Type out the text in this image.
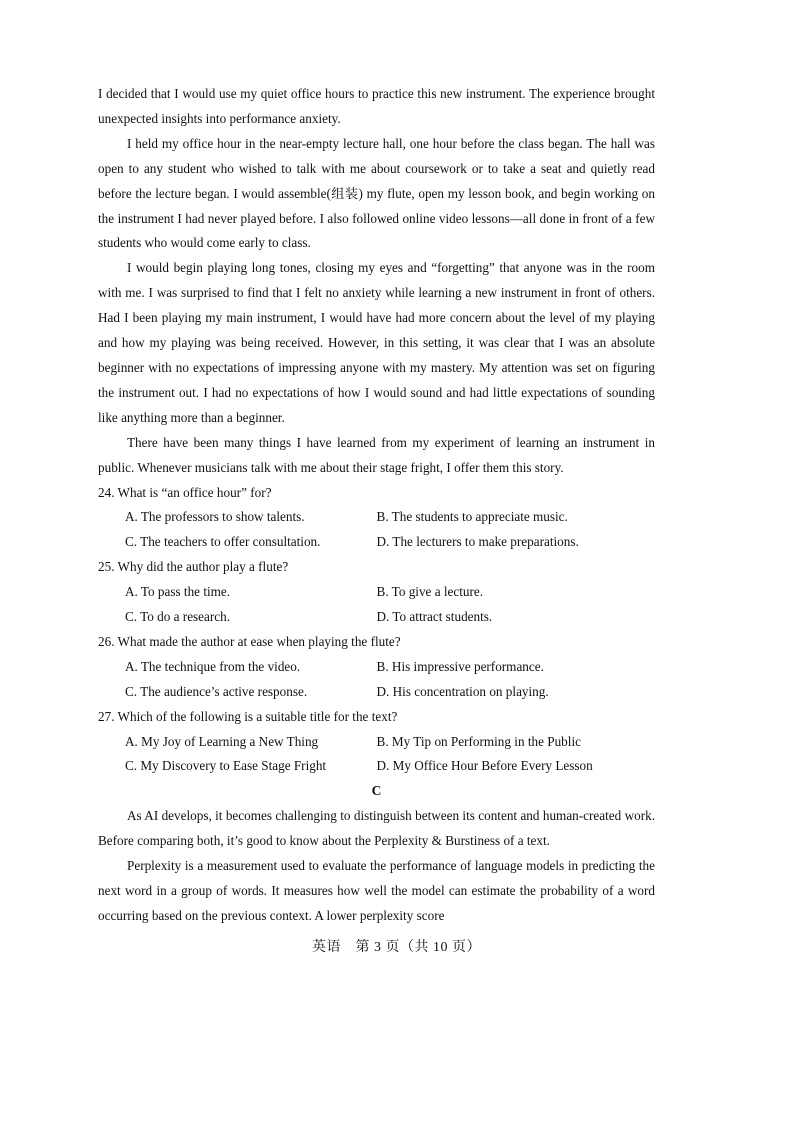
I decided that I would use my quiet office hours to practice this new instrument. The experience brought unexpected insights into performance anxiety.
I held my office hour in the near-empty lecture hall, one hour before the class began. The hall was open to any student who wished to talk with me about coursework or to take a seat and quietly read before the lecture began. I would assemble(组装) my flute, open my lesson book, and begin working on the instrument I had never played before. I also followed online video lessons—all done in front of a few students who would come early to class.
I would begin playing long tones, closing my eyes and “forgetting” that anyone was in the room with me. I was surprised to find that I felt no anxiety while learning a new instrument in front of others. Had I been playing my main instrument, I would have had more concern about the level of my playing and how my playing was being received. However, in this setting, it was clear that I was an absolute beginner with no expectations of impressing anyone with my mastery. My attention was set on figuring the instrument out. I had no expectations of how I would sound and had little expectations of sounding like anything more than a beginner.
There have been many things I have learned from my experiment of learning an instrument in public. Whenever musicians talk with me about their stage fright, I offer them this story.
24. What is “an office hour” for?
A. The professors to show talents.	B. The students to appreciate music.
C. The teachers to offer consultation.	D. The lecturers to make preparations.
25. Why did the author play a flute?
A. To pass the time.	B. To give a lecture.
C. To do a research.	D. To attract students.
26. What made the author at ease when playing the flute?
A. The technique from the video.	B. His impressive performance.
C. The audience’s active response.	D. His concentration on playing.
27. Which of the following is a suitable title for the text?
A. My Joy of Learning a New Thing	B. My Tip on Performing in the Public
C. My Discovery to Ease Stage Fright	D. My Office Hour Before Every Lesson
C
As AI develops, it becomes challenging to distinguish between its content and human-created work. Before comparing both, it’s good to know about the Perplexity & Burstiness of a text.
Perplexity is a measurement used to evaluate the performance of language models in predicting the next word in a group of words. It measures how well the model can estimate the probability of a word occurring based on the previous context. A lower perplexity score
英语　第 3 页（共 10 页）
